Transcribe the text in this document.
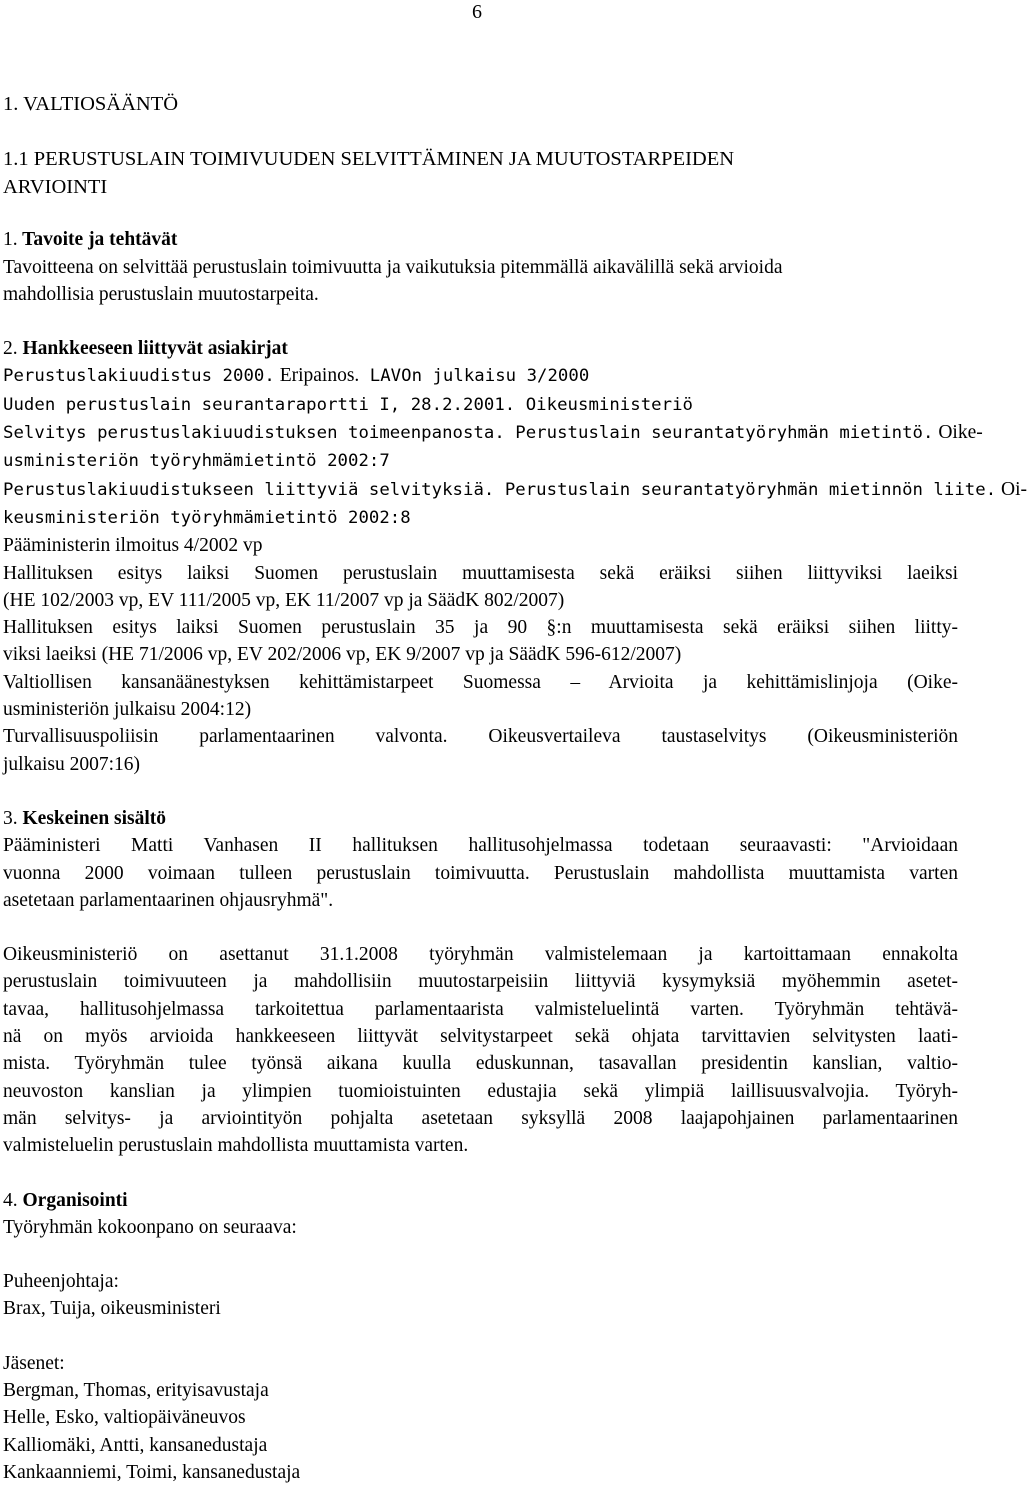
6
1. VALTIOSÄÄNTÖ
1.1 PERUSTUSLAIN TOIMIVUUDEN SELVITTÄMINEN JA MUUTOSTARPEIDEN
ARVIOINTI

1. Tavoite ja tehtävät

Tavoitteena on selvittää perustuslain toimivuutta ja vaikutuksia pitemmällä aikavälillä sekä arvioida

mahdollisia perustuslain muutostarpeita.

2. Hankkeeseen liittyvät asiakirjat

Perustuslakiuudistus 2000. Eripainos. LAVOn julkaisu 3/2000

Uuden perustuslain seurantaraportti I, 28.2.2001. Oikeusministeriö

Selvitys perustuslakiuudistuksen toimeenpanosta. Perustuslain seurantatyöryhmän mietintö. Oike-

usministeriön työryhmämietintö 2002:7

Perustuslakiuudistukseen liittyviä selvityksiä. Perustuslain seurantatyöryhmän mietinnön liite. Oi-

keusministeriön työryhmämietintö 2002:8

Pääministerin ilmoitus 4/2002 vp

Hallituksen esitys laiksi Suomen perustuslain muuttamisesta sekä eräiksi siihen liittyviksi laeiksi

(HE 102/2003 vp, EV 111/2005 vp, EK 11/2007 vp ja SäädK 802/2007)

Hallituksen esitys laiksi Suomen perustuslain 35 ja 90 §:n muuttamisesta sekä eräiksi siihen liitty-

viksi laeiksi (HE 71/2006 vp, EV 202/2006 vp, EK 9/2007 vp ja SäädK 596-612/2007)

Valtiollisen kansanäänestyksen kehittämistarpeet Suomessa – Arvioita ja kehittämislinjoja (Oike-

usministeriön julkaisu 2004:12)

Turvallisuuspoliisin parlamentaarinen valvonta. Oikeusvertaileva taustaselvitys (Oikeusministeriön

julkaisu 2007:16)

3. Keskeinen sisältö

Pääministeri Matti Vanhasen II hallituksen hallitusohjelmassa todetaan seuraavasti: "Arvioidaan

vuonna 2000 voimaan tulleen perustuslain toimivuutta. Perustuslain mahdollista muuttamista varten

asetetaan parlamentaarinen ohjausryhmä".

Oikeusministeriö on asettanut 31.1.2008 työryhmän valmistelemaan ja kartoittamaan ennakolta

perustuslain toimivuuteen ja mahdollisiin muutostarpeisiin liittyviä kysymyksiä myöhemmin asetet-

tavaa, hallitusohjelmassa tarkoitettua parlamentaarista valmisteluelintä varten. Työryhmän tehtävä-

nä on myös arvioida hankkeeseen liittyvät selvitystarpeet sekä ohjata tarvittavien selvitysten laati-

mista. Työryhmän tulee työnsä aikana kuulla eduskunnan, tasavallan presidentin kanslian, valtio-

neuvoston kanslian ja ylimpien tuomioistuinten edustajia sekä ylimpiä laillisuusvalvojia. Työryh-

män selvitys- ja arviointityön pohjalta asetetaan syksyllä 2008 laajapohjainen parlamentaarinen

valmisteluelin perustuslain mahdollista muuttamista varten.

4. Organisointi

Työryhmän kokoonpano on seuraava:

Puheenjohtaja:

Brax, Tuija, oikeusministeri

Jäsenet:

Bergman, Thomas, erityisavustaja

Helle, Esko, valtiopäiväneuvos

Kalliomäki, Antti, kansanedustaja

Kankaanniemi, Toimi, kansanedustaja
